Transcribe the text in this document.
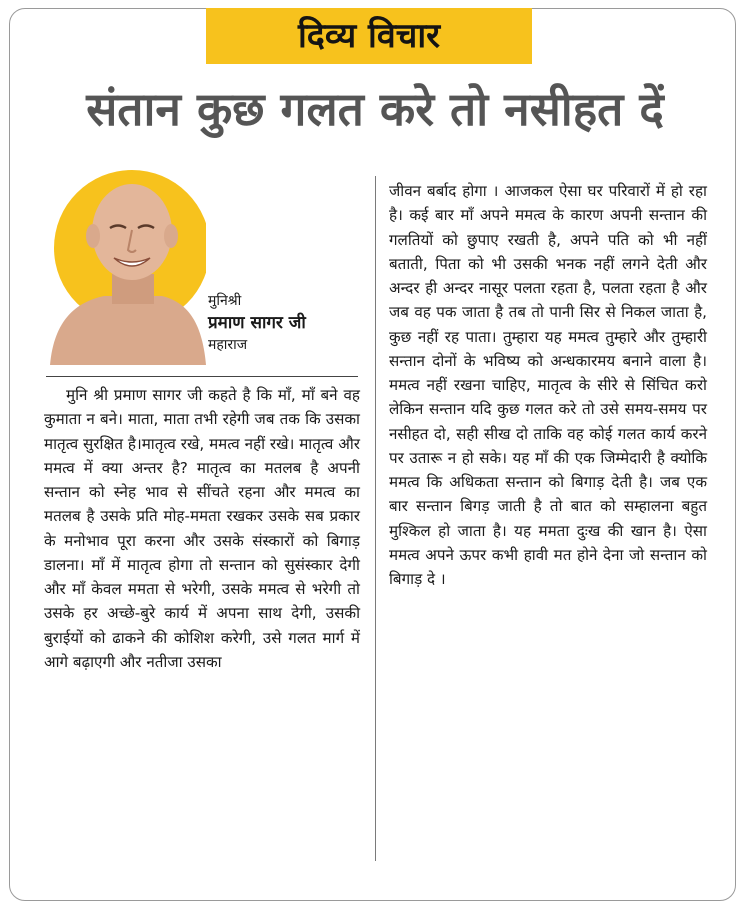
दिव्य विचार
संतान कुछ गलत करे तो नसीहत दें
मुनिश्री
प्रमाण सागर जी
महाराज
मुनि श्री प्रमाण सागर जी कहते है कि माँ, माँ बने वह कुमाता न बने। माता, माता तभी रहेगी जब तक कि उसका मातृत्व सुरक्षित है।मातृत्व रखे, ममत्व नहीं रखे। मातृत्व और ममत्व में क्या अन्तर है? मातृत्व का मतलब है अपनी सन्तान को स्नेह भाव से सींचते रहना और ममत्व का मतलब है उसके प्रति मोह-ममता रखकर उसके सब प्रकार के मनोभाव पूरा करना और उसके संस्कारों को बिगाड़ डालना। माँ में मातृत्व होगा तो सन्तान को सुसंस्कार देगी और माँ केवल ममता से भरेगी, उसके ममत्व से भरेगी तो उसके हर अच्छे-बुरे कार्य में अपना साथ देगी, उसकी बुराईयों को ढाकने की कोशिश करेगी, उसे गलत मार्ग में आगे बढ़ाएगी और नतीजा उसका
जीवन बर्बाद होगा । आजकल ऐसा घर परिवारों में हो रहा है। कई बार माँ अपने ममत्व के कारण अपनी सन्तान की गलतियों को छुपाए रखती है, अपने पति को भी नहीं बताती, पिता को भी उसकी भनक नहीं लगने देती और अन्दर ही अन्दर नासूर पलता रहता है, पलता रहता है और जब वह पक जाता है तब तो पानी सिर से निकल जाता है, कुछ नहीं रह पाता। तुम्हारा यह ममत्व तुम्हारे और तुम्हारी सन्तान दोनों के भविष्य को अन्धकारमय बनाने वाला है। ममत्व नहीं रखना चाहिए, मातृत्व के सीरे से सिंचित करो लेकिन सन्तान यदि कुछ गलत करे तो उसे समय-समय पर नसीहत दो, सही सीख दो ताकि वह कोई गलत कार्य करने पर उतारू न हो सके। यह माँ की एक जिम्मेदारी है क्योकि ममत्व कि अधिकता सन्तान को बिगाड़ देती है। जब एक बार सन्तान बिगड़ जाती है तो बात को सम्हालना बहुत मुश्किल हो जाता है। यह ममता दुःख की खान है। ऐसा ममत्व अपने ऊपर कभी हावी मत होने देना जो सन्तान को बिगाड़ दे ।
